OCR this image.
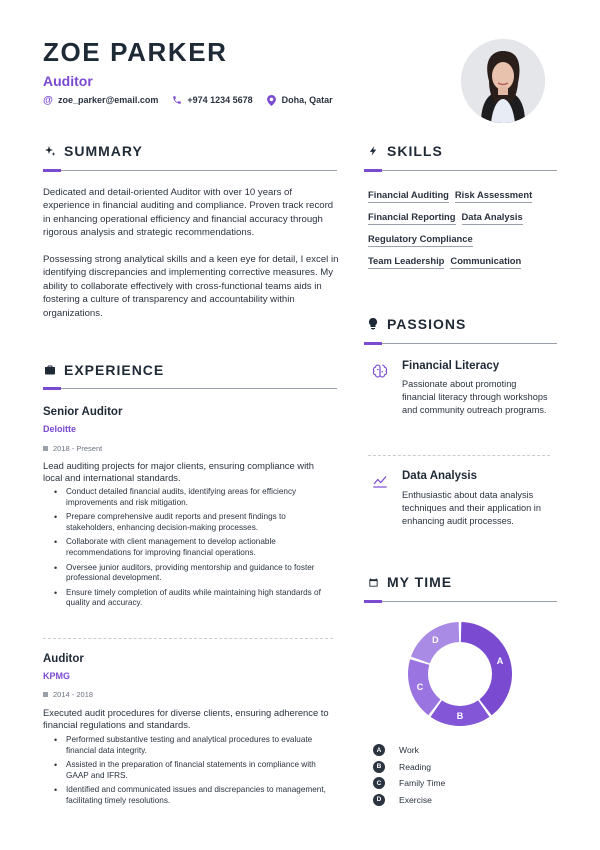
ZOE PARKER
Auditor
@ zoe_parker@email.com	+974 1234 5678	Doha, Qatar
SUMMARY
Dedicated and detail-oriented Auditor with over 10 years of experience in financial auditing and compliance. Proven track record in enhancing operational efficiency and financial accuracy through rigorous analysis and strategic recommendations.
Possessing strong analytical skills and a keen eye for detail, I excel in identifying discrepancies and implementing corrective measures. My ability to collaborate effectively with cross-functional teams aids in fostering a culture of transparency and accountability within organizations.
EXPERIENCE
Senior Auditor
Deloitte
2018 - Present
Lead auditing projects for major clients, ensuring compliance with local and international standards.
• Conduct detailed financial audits, identifying areas for efficiency improvements and risk mitigation.
• Prepare comprehensive audit reports and present findings to stakeholders, enhancing decision-making processes.
• Collaborate with client management to develop actionable recommendations for improving financial operations.
• Oversee junior auditors, providing mentorship and guidance to foster professional development.
• Ensure timely completion of audits while maintaining high standards of quality and accuracy.
Auditor
KPMG
2014 - 2018
Executed audit procedures for diverse clients, ensuring adherence to financial regulations and standards.
• Performed substantive testing and analytical procedures to evaluate financial data integrity.
• Assisted in the preparation of financial statements in compliance with GAAP and IFRS.
• Identified and communicated issues and discrepancies to management, facilitating timely resolutions.
SKILLS
Financial Auditing Risk Assessment
Financial Reporting Data Analysis
Regulatory Compliance
Team Leadership Communication
PASSIONS
Financial Literacy
Passionate about promoting financial literacy through workshops and community outreach programs.
Data Analysis
Enthusiastic about data analysis techniques and their application in enhancing audit processes.
MY TIME
A
B
C
D
A	Work
B	Reading
C	Family Time
D	Exercise
